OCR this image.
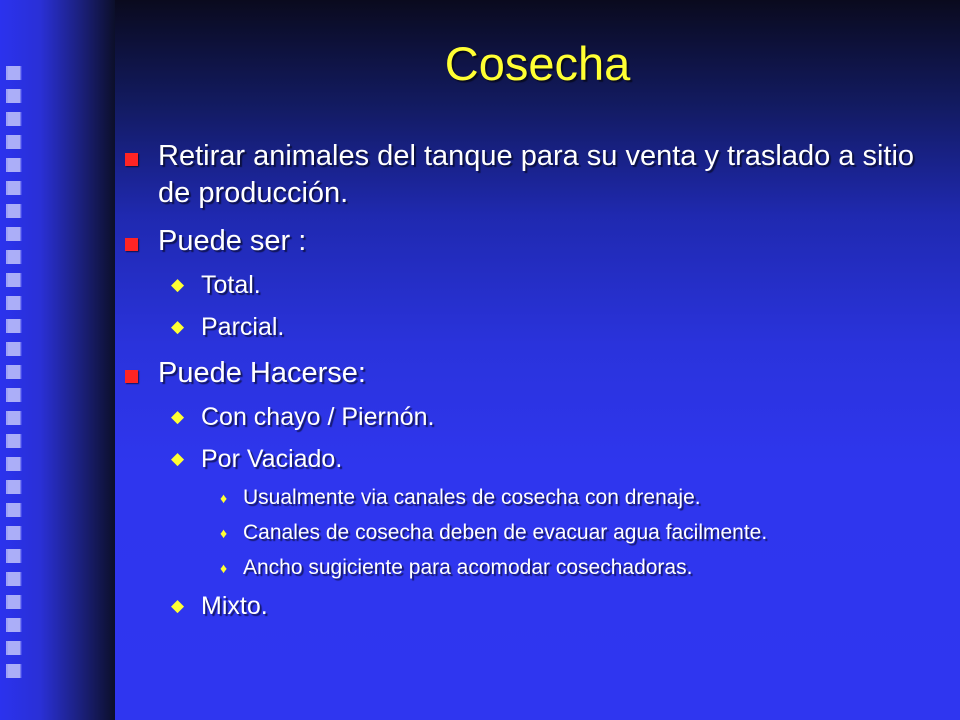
Cosecha
Retirar animales del tanque para su venta y traslado a sitio de producción.
Puede ser :
◆ Total.
◆ Parcial.
Puede Hacerse:
◆ Con chayo / Piernón.
◆ Por Vaciado.
♦ Usualmente via canales de cosecha con drenaje.
♦ Canales de cosecha deben de evacuar agua facilmente.
♦ Ancho sugiciente para acomodar cosechadoras.
◆ Mixto.
